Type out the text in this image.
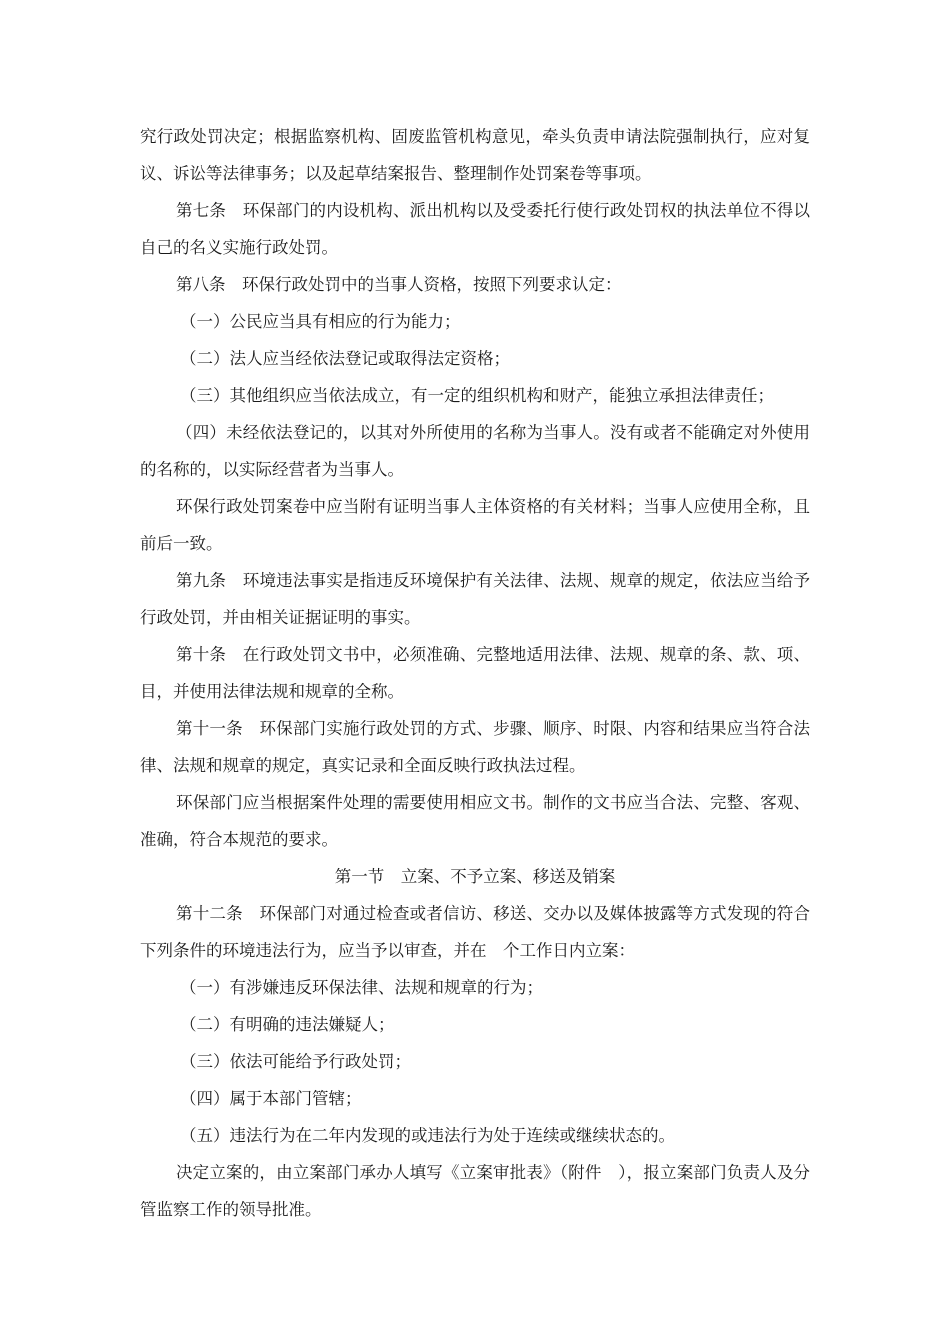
究行政处罚决定；根据监察机构、固废监管机构意见，牵头负责申请法院强制执行，应对复议、诉讼等法律事务；以及起草结案报告、整理制作处罚案卷等事项。

第七条　环保部门的内设机构、派出机构以及受委托行使行政处罚权的执法单位不得以自己的名义实施行政处罚。

第八条　环保行政处罚中的当事人资格，按照下列要求认定：

（一）公民应当具有相应的行为能力；

（二）法人应当经依法登记或取得法定资格；

（三）其他组织应当依法成立，有一定的组织机构和财产，能独立承担法律责任；

（四）未经依法登记的，以其对外所使用的名称为当事人。没有或者不能确定对外使用的名称的，以实际经营者为当事人。

环保行政处罚案卷中应当附有证明当事人主体资格的有关材料；当事人应使用全称，且前后一致。

第九条　环境违法事实是指违反环境保护有关法律、法规、规章的规定，依法应当给予行政处罚，并由相关证据证明的事实。

第十条　在行政处罚文书中，必须准确、完整地适用法律、法规、规章的条、款、项、目，并使用法律法规和规章的全称。

第十一条　环保部门实施行政处罚的方式、步骤、顺序、时限、内容和结果应当符合法律、法规和规章的规定，真实记录和全面反映行政执法过程。

环保部门应当根据案件处理的需要使用相应文书。制作的文书应当合法、完整、客观、准确，符合本规范的要求。

第一节　立案、不予立案、移送及销案

第十二条　环保部门对通过检查或者信访、移送、交办以及媒体披露等方式发现的符合下列条件的环境违法行为，应当予以审查，并在　个工作日内立案：

（一）有涉嫌违反环保法律、法规和规章的行为；

（二）有明确的违法嫌疑人；

（三）依法可能给予行政处罚；

（四）属于本部门管辖；

（五）违法行为在二年内发现的或违法行为处于连续或继续状态的。

决定立案的，由立案部门承办人填写《立案审批表》（附件　），报立案部门负责人及分管监察工作的领导批准。
